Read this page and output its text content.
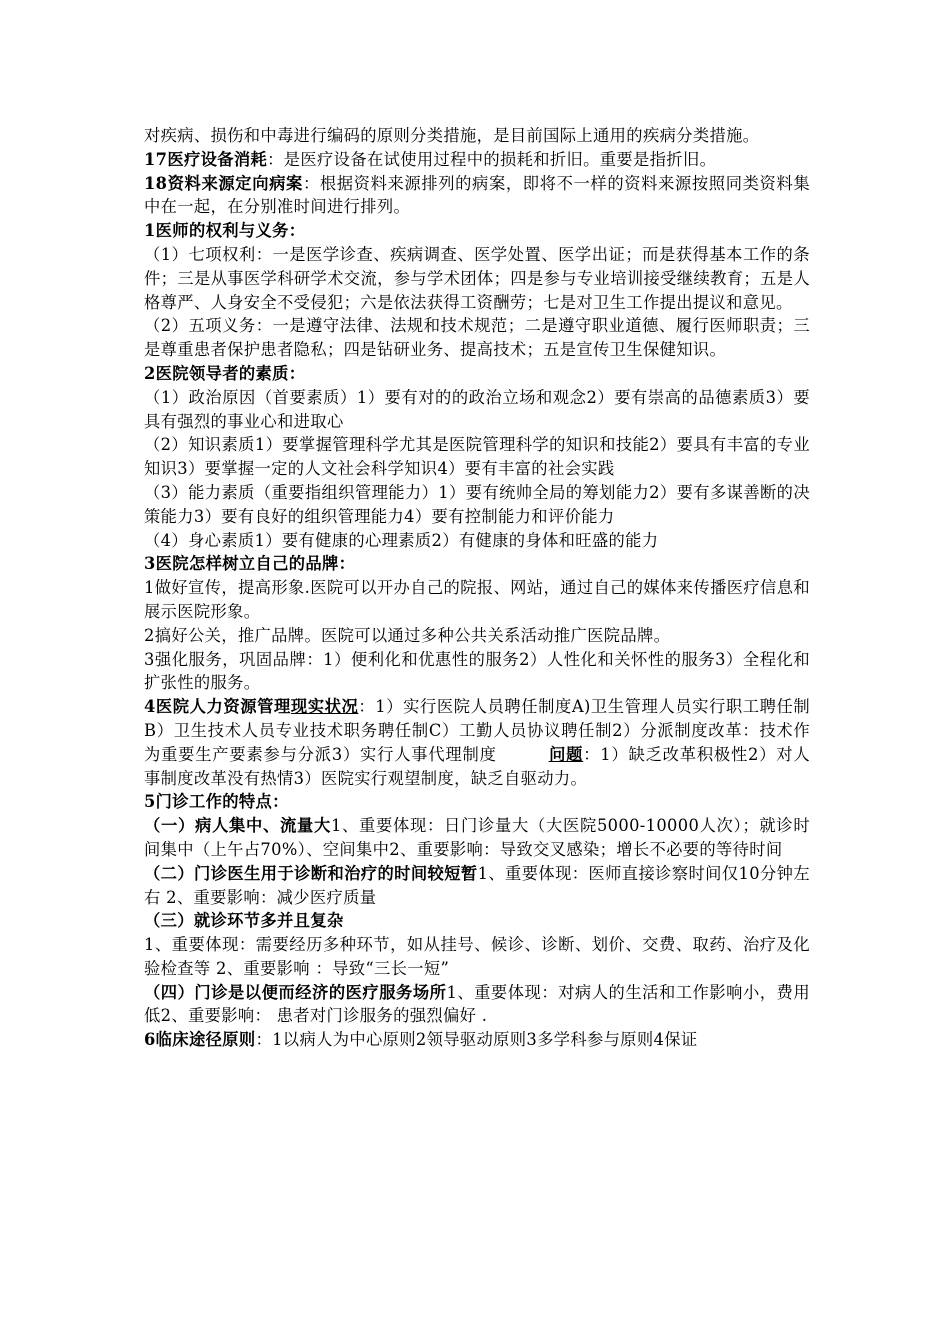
对疾病、损伤和中毒进行编码的原则分类措施，是目前国际上通用的疾病分类措施。

17医疗设备消耗：是医疗设备在试使用过程中的损耗和折旧。重要是指折旧。

18资料来源定向病案：根据资料来源排列的病案，即将不一样的资料来源按照同类资料集中在一起，在分别准时间进行排列。

1医师的权利与义务：

（1）七项权利：一是医学诊查、疾病调查、医学处置、医学出证；而是获得基本工作的条件；三是从事医学科研学术交流，参与学术团体；四是参与专业培训接受继续教育；五是人格尊严、人身安全不受侵犯；六是依法获得工资酬劳；七是对卫生工作提出提议和意见。

（2）五项义务：一是遵守法律、法规和技术规范；二是遵守职业道德、履行医师职责；三是尊重患者保护患者隐私；四是钻研业务、提高技术；五是宣传卫生保健知识。

2医院领导者的素质：

（1）政治原因（首要素质）1）要有对的的政治立场和观念2）要有崇高的品德素质3）要具有强烈的事业心和进取心

（2）知识素质1）要掌握管理科学尤其是医院管理科学的知识和技能2）要具有丰富的专业知识3）要掌握一定的人文社会科学知识4）要有丰富的社会实践

（3）能力素质（重要指组织管理能力）1）要有统帅全局的筹划能力2）要有多谋善断的决策能力3）要有良好的组织管理能力4）要有控制能力和评价能力

（4）身心素质1）要有健康的心理素质2）有健康的身体和旺盛的能力

3医院怎样树立自己的品牌：

1做好宣传，提高形象.医院可以开办自己的院报、网站，通过自己的媒体来传播医疗信息和展示医院形象。

2搞好公关，推广品牌。医院可以通过多种公共关系活动推广医院品牌。

3强化服务，巩固品牌：1）便利化和优惠性的服务2）人性化和关怀性的服务3）全程化和扩张性的服务。

4医院人力资源管理现实状况：1）实行医院人员聘任制度A)卫生管理人员实行职工聘任制B）卫生技术人员专业技术职务聘任制C）工勤人员协议聘任制2）分派制度改革：技术作为重要生产要素参与分派3）实行人事代理制度	问题：1）缺乏改革积极性2）对人事制度改革没有热情3）医院实行观望制度，缺乏自驱动力。

5门诊工作的特点：

（一）病人集中、流量大1、重要体现：日门诊量大（大医院5000-10000人次）；就诊时间集中（上午占70%）、空间集中2、重要影响：导致交叉感染；增长不必要的等待时间

（二）门诊医生用于诊断和治疗的时间较短暂1、重要体现：医师直接诊察时间仅10分钟左右 2、重要影响：减少医疗质量

（三）就诊环节多并且复杂

1、重要体现：需要经历多种环节，如从挂号、候诊、诊断、划价、交费、取药、治疗及化验检查等 2、重要影响 ：导致“三长一短”

（四）门诊是以便而经济的医疗服务场所1、重要体现：对病人的生活和工作影响小，费用低2、重要影响： 患者对门诊服务的强烈偏好 .

6临床途径原则：1以病人为中心原则2领导驱动原则3多学科参与原则4保证
